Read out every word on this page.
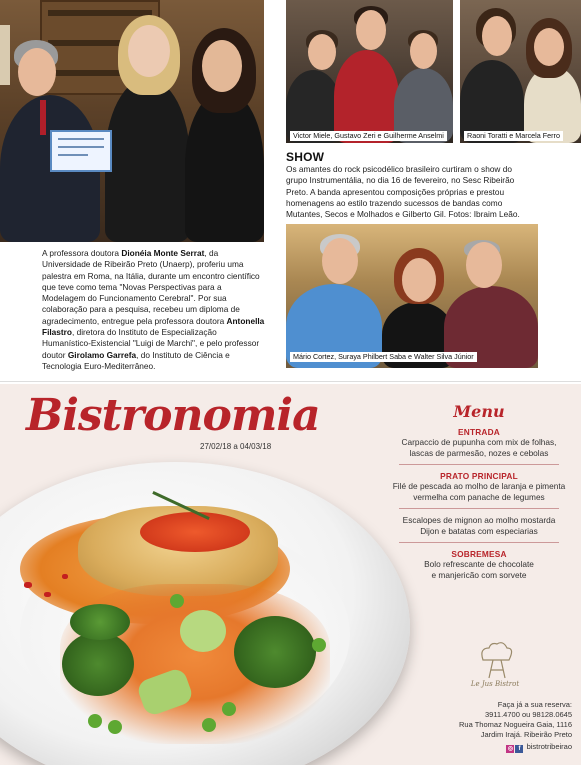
Victor Miele, Gustavo Zeri e Guilherme Anselmi	Raoni Toratti e Marcela Ferro
SHOW
Os amantes do rock psicodélico brasileiro curtiram o show do grupo Instrumentália, no dia 16 de fevereiro, no Sesc Ribeirão Preto. A banda apresentou composições próprias e prestou homenagens ao estilo trazendo sucessos de bandas como Mutantes, Secos e Molhados e Gilberto Gil. Fotos: Ibraim Leão.
Mário Cortez, Suraya Philbert Saba e Walter Silva Júnior
A professora doutora Dionéia Monte Serrat, da Universidade de Ribeirão Preto (Unaerp), proferiu uma palestra em Roma, na Itália, durante um encontro científico que teve como tema "Novas Perspectivas para a Modelagem do Funcionamento Cerebral". Por sua colaboração para a pesquisa, recebeu um diploma de agradecimento, entregue pela professora doutora Antonella Filastro, diretora do Instituto de Especialização Humanístico-Existencial "Luigi de Marchi", e pelo professor doutor Girolamo Garrefa, do Instituto de Ciência e Tecnologia Euro-Mediterrâneo.
Bistronomia
27/02/18 a 04/03/18
Menu
ENTRADA
Carpaccio de pupunha com mix de folhas,
lascas de parmesão, nozes e cebolas
PRATO PRINCIPAL
Filé de pescada ao molho de laranja e pimenta
vermelha com panache de legumes
Escalopes de mignon ao molho mostarda
Dijon e batatas com especiarias
SOBREMESA
Bolo refrescante de chocolate
e manjericão com sorvete
Le Jus Bistrot
Faça já a sua reserva:
3911.4700 ou 98128.0645
Rua Thomaz Nogueira Gaia, 1116
Jardim Irajá. Ribeirão Preto
◎ f bistrotribeirao
